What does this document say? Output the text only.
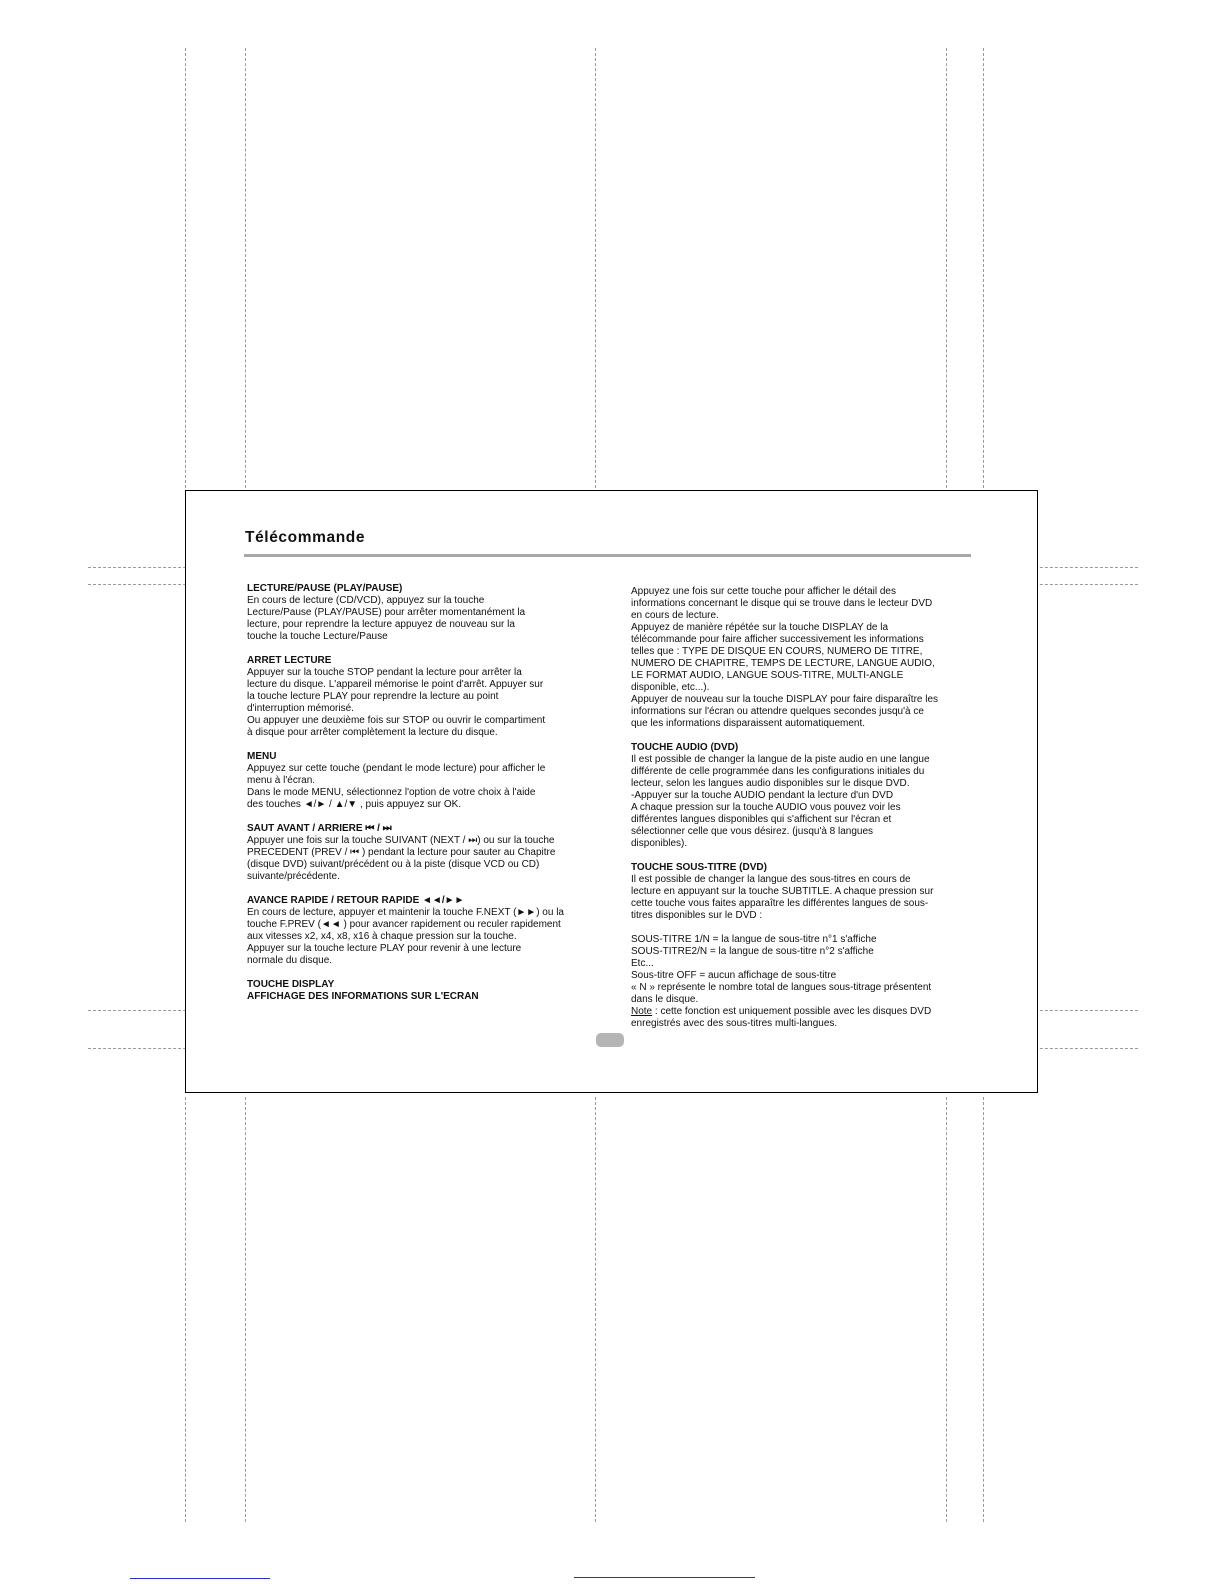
Télécommande
LECTURE/PAUSE (PLAY/PAUSE)

En cours de lecture (CD/VCD), appuyez sur la touche

Lecture/Pause (PLAY/PAUSE) pour arrêter momentanément la

lecture, pour reprendre la lecture appuyez de nouveau sur la

touche la touche Lecture/Pause

ARRET LECTURE

Appuyer sur la touche STOP pendant la lecture pour arrêter la

lecture du disque. L'appareil mémorise le point d'arrêt. Appuyer sur

la touche lecture PLAY pour reprendre la lecture au point

d'interruption mémorisé.

Ou appuyer une deuxième fois sur STOP ou ouvrir le compartiment

à disque pour arrêter complètement la lecture du disque.

MENU

Appuyez sur cette touche (pendant le mode lecture) pour afficher le

menu à l'écran.

Dans le mode MENU, sélectionnez l'option de votre choix à l'aide

des touches ◄/► / ▲/▼ , puis appuyez sur OK.

SAUT AVANT / ARRIERE ⏮ / ⏭

Appuyer une fois sur la touche SUIVANT (NEXT / ⏭) ou sur la touche

PRECEDENT (PREV / ⏮ ) pendant la lecture pour sauter au Chapitre

(disque DVD) suivant/précédent ou à la piste (disque VCD ou CD)

suivante/précédente.

AVANCE RAPIDE / RETOUR RAPIDE ◄◄/►►

En cours de lecture, appuyer et maintenir la touche F.NEXT (►►) ou la

touche F.PREV (◄◄ ) pour avancer rapidement ou reculer rapidement

aux vitesses x2, x4, x8, x16 à chaque pression sur la touche.

Appuyer sur la touche lecture PLAY pour revenir à une lecture

normale du disque.

TOUCHE DISPLAY
AFFICHAGE DES INFORMATIONS SUR L'ECRAN

Appuyez une fois sur cette touche pour afficher le détail des

informations concernant le disque qui se trouve dans le lecteur DVD

en cours de lecture.

Appuyez de manière répétée sur la touche DISPLAY de la

télécommande pour faire afficher successivement les informations

telles que : TYPE DE DISQUE EN COURS, NUMERO DE TITRE,

NUMERO DE CHAPITRE, TEMPS DE LECTURE, LANGUE AUDIO,

LE FORMAT AUDIO, LANGUE SOUS-TITRE, MULTI-ANGLE

disponible, etc...).

Appuyer de nouveau sur la touche DISPLAY pour faire disparaître les

informations sur l'écran ou attendre quelques secondes jusqu'à ce

que les informations disparaissent automatiquement.

TOUCHE AUDIO (DVD)

Il est possible de changer la langue de la piste audio en une langue

différente de celle programmée dans les configurations initiales du

lecteur, selon les langues audio disponibles sur le disque DVD.

-Appuyer sur la touche AUDIO pendant la lecture d'un DVD

A chaque pression sur la touche AUDIO vous pouvez voir les

différentes langues disponibles qui s'affichent sur l'écran et

sélectionner celle que vous désirez. (jusqu'à 8 langues

disponibles).

TOUCHE SOUS-TITRE (DVD)

Il est possible de changer la langue des sous-titres en cours de

lecture en appuyant sur la touche SUBTITLE. A chaque pression sur

cette touche vous faites apparaître les différentes langues de sous-

titres disponibles sur le DVD :

SOUS-TITRE 1/N = la langue de sous-titre n°1 s'affiche

SOUS-TITRE2/N = la langue de sous-titre n°2 s'affiche

Etc...

Sous-titre OFF = aucun affichage de sous-titre

« N » représente le nombre total de langues sous-titrage présentent

dans le disque.

Note : cette fonction est uniquement possible avec les disques DVD

enregistrés avec des sous-titres multi-langues.
